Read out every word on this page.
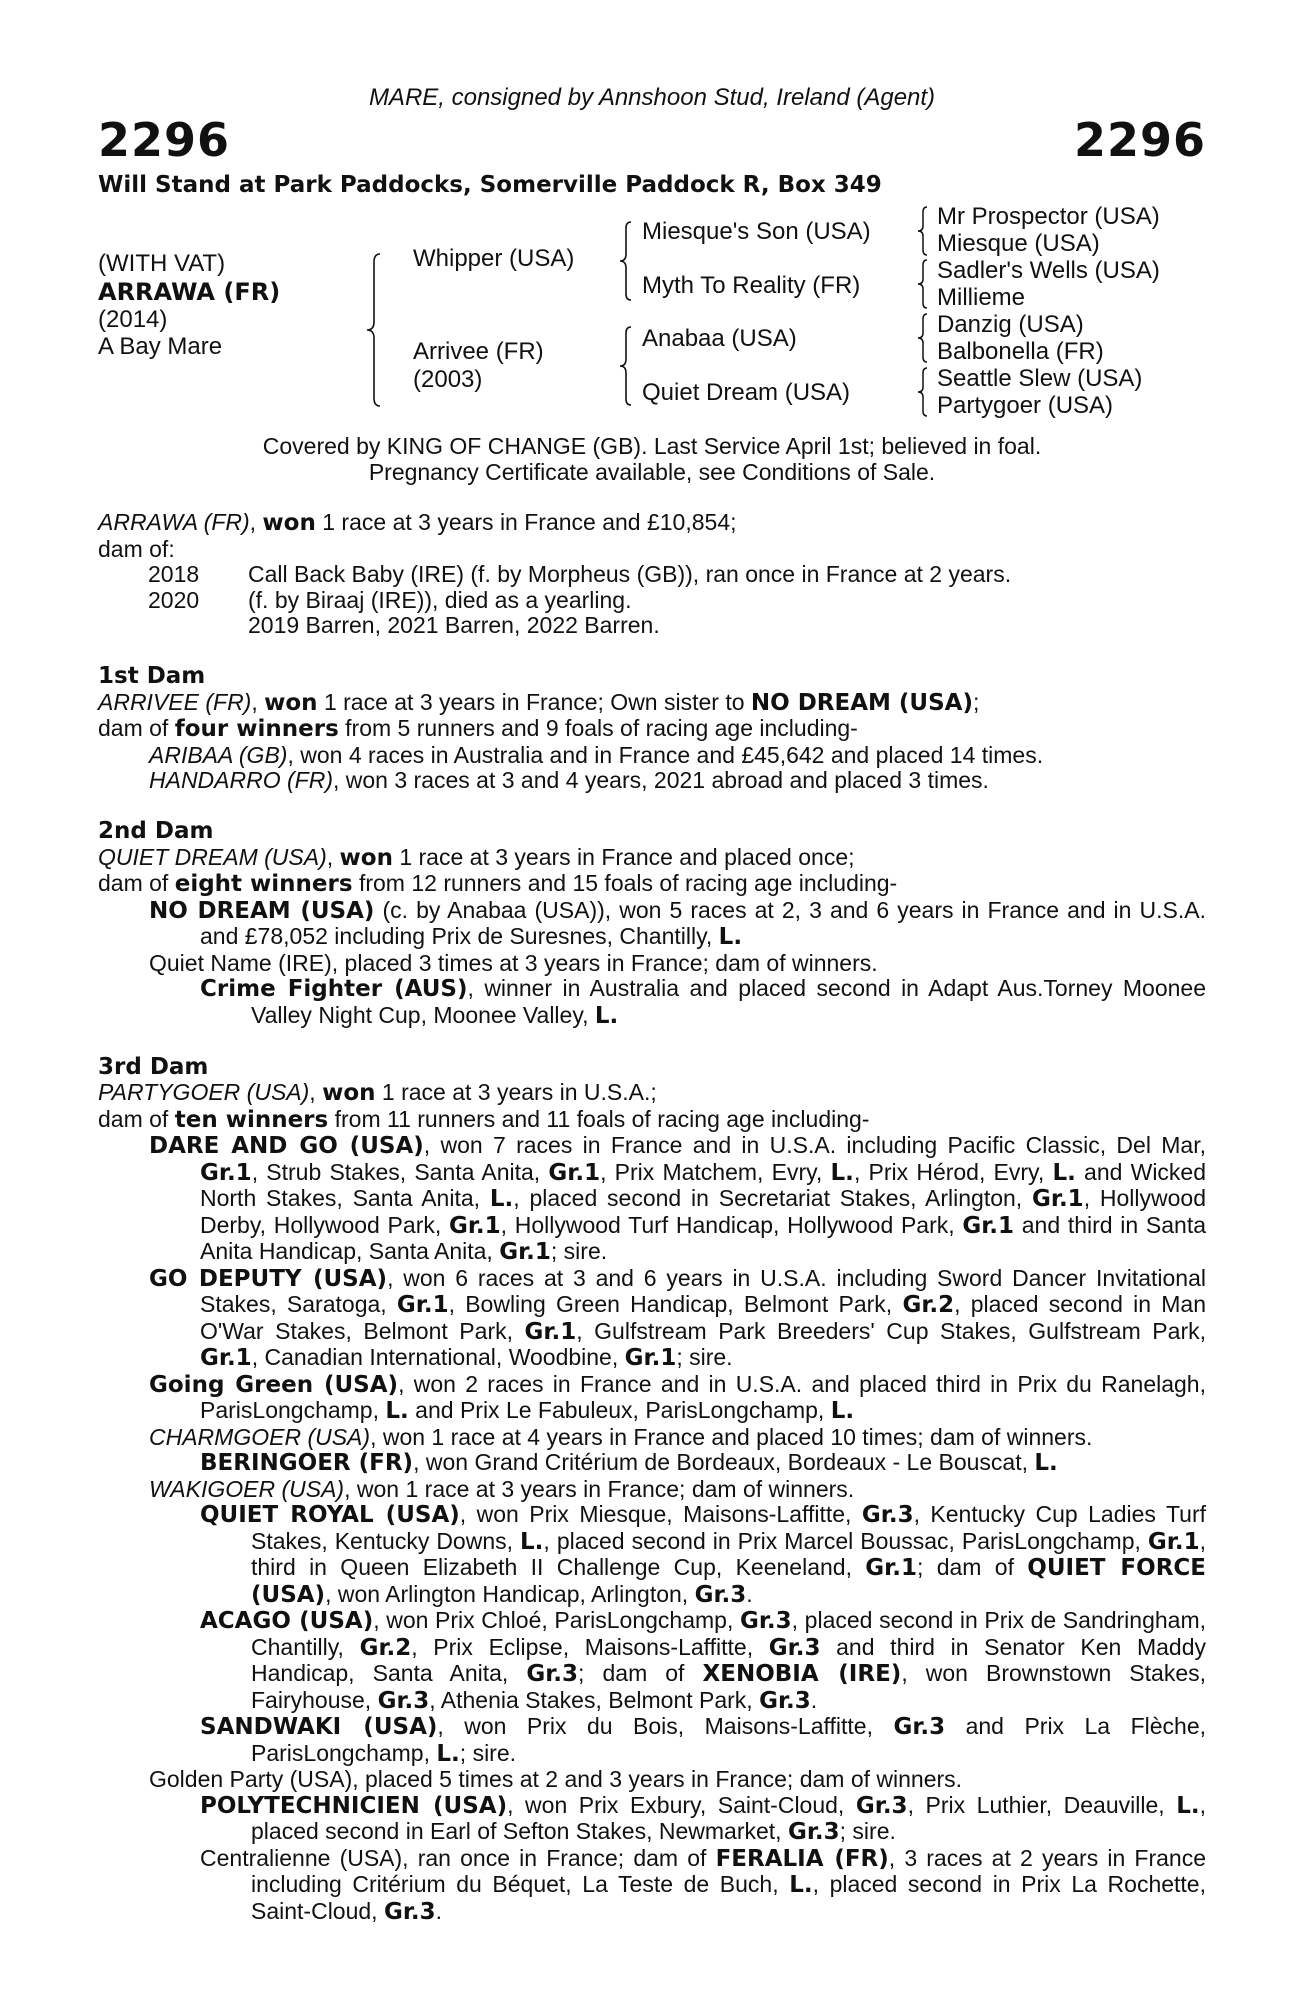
MARE, consigned by Annshoon Stud, Ireland (Agent)
2296	2296
Will Stand at Park Paddocks, Somerville Paddock R, Box 349
(WITH VAT)
ARRAWA (FR)
(2014)
A Bay Mare
Whipper (USA)
Arrivee (FR)
(2003)
Miesque's Son (USA)
Myth To Reality (FR)
Anabaa (USA)
Quiet Dream (USA)
Mr Prospector (USA)
Miesque (USA)
Sadler's Wells (USA)
Millieme
Danzig (USA)
Balbonella (FR)
Seattle Slew (USA)
Partygoer (USA)
Covered by KING OF CHANGE (GB). Last Service April 1st; believed in foal.
Pregnancy Certificate available, see Conditions of Sale.

ARRAWA (FR), won 1 race at 3 years in France and £10,854;

dam of:

2018	Call Back Baby (IRE) (f. by Morpheus (GB)), ran once in France at 2 years.
2020	(f. by Biraaj (IRE)), died as a yearling.
2019 Barren, 2021 Barren, 2022 Barren.

1st Dam

ARRIVEE (FR), won 1 race at 3 years in France; Own sister to NO DREAM (USA);

dam of four winners from 5 runners and 9 foals of racing age including-

ARIBAA (GB), won 4 races in Australia and in France and £45,642 and placed 14 times.

HANDARRO (FR), won 3 races at 3 and 4 years, 2021 abroad and placed 3 times.

2nd Dam

QUIET DREAM (USA), won 1 race at 3 years in France and placed once;

dam of eight winners from 12 runners and 15 foals of racing age including-

NO DREAM (USA) (c. by Anabaa (USA)), won 5 races at 2, 3 and 6 years in France and in U.S.A. and £78,052 including Prix de Suresnes, Chantilly, L.

Quiet Name (IRE), placed 3 times at 3 years in France; dam of winners.

Crime Fighter (AUS), winner in Australia and placed second in Adapt Aus.Torney Moonee Valley Night Cup, Moonee Valley, L.

3rd Dam

PARTYGOER (USA), won 1 race at 3 years in U.S.A.;

dam of ten winners from 11 runners and 11 foals of racing age including-

DARE AND GO (USA), won 7 races in France and in U.S.A. including Pacific Classic, Del Mar, Gr.1, Strub Stakes, Santa Anita, Gr.1, Prix Matchem, Evry, L., Prix Hérod, Evry, L. and Wicked North Stakes, Santa Anita, L., placed second in Secretariat Stakes, Arlington, Gr.1, Hollywood Derby, Hollywood Park, Gr.1, Hollywood Turf Handicap, Hollywood Park, Gr.1 and third in Santa Anita Handicap, Santa Anita, Gr.1; sire.

GO DEPUTY (USA), won 6 races at 3 and 6 years in U.S.A. including Sword Dancer Invitational Stakes, Saratoga, Gr.1, Bowling Green Handicap, Belmont Park, Gr.2, placed second in Man O'War Stakes, Belmont Park, Gr.1, Gulfstream Park Breeders' Cup Stakes, Gulfstream Park, Gr.1, Canadian International, Woodbine, Gr.1; sire.

Going Green (USA), won 2 races in France and in U.S.A. and placed third in Prix du Ranelagh, ParisLongchamp, L. and Prix Le Fabuleux, ParisLongchamp, L.

CHARMGOER (USA), won 1 race at 4 years in France and placed 10 times; dam of winners.

BERINGOER (FR), won Grand Critérium de Bordeaux, Bordeaux - Le Bouscat, L.

WAKIGOER (USA), won 1 race at 3 years in France; dam of winners.

QUIET ROYAL (USA), won Prix Miesque, Maisons-Laffitte, Gr.3, Kentucky Cup Ladies Turf Stakes, Kentucky Downs, L., placed second in Prix Marcel Boussac, ParisLongchamp, Gr.1, third in Queen Elizabeth II Challenge Cup, Keeneland, Gr.1; dam of QUIET FORCE (USA), won Arlington Handicap, Arlington, Gr.3.

ACAGO (USA), won Prix Chloé, ParisLongchamp, Gr.3, placed second in Prix de Sandringham, Chantilly, Gr.2, Prix Eclipse, Maisons-Laffitte, Gr.3 and third in Senator Ken Maddy Handicap, Santa Anita, Gr.3; dam of XENOBIA (IRE), won Brownstown Stakes, Fairyhouse, Gr.3, Athenia Stakes, Belmont Park, Gr.3.

SANDWAKI (USA), won Prix du Bois, Maisons-Laffitte, Gr.3 and Prix La Flèche, ParisLongchamp, L.; sire.

Golden Party (USA), placed 5 times at 2 and 3 years in France; dam of winners.

POLYTECHNICIEN (USA), won Prix Exbury, Saint-Cloud, Gr.3, Prix Luthier, Deauville, L., placed second in Earl of Sefton Stakes, Newmarket, Gr.3; sire.

Centralienne (USA), ran once in France; dam of FERALIA (FR), 3 races at 2 years in France including Critérium du Béquet, La Teste de Buch, L., placed second in Prix La Rochette, Saint-Cloud, Gr.3.
